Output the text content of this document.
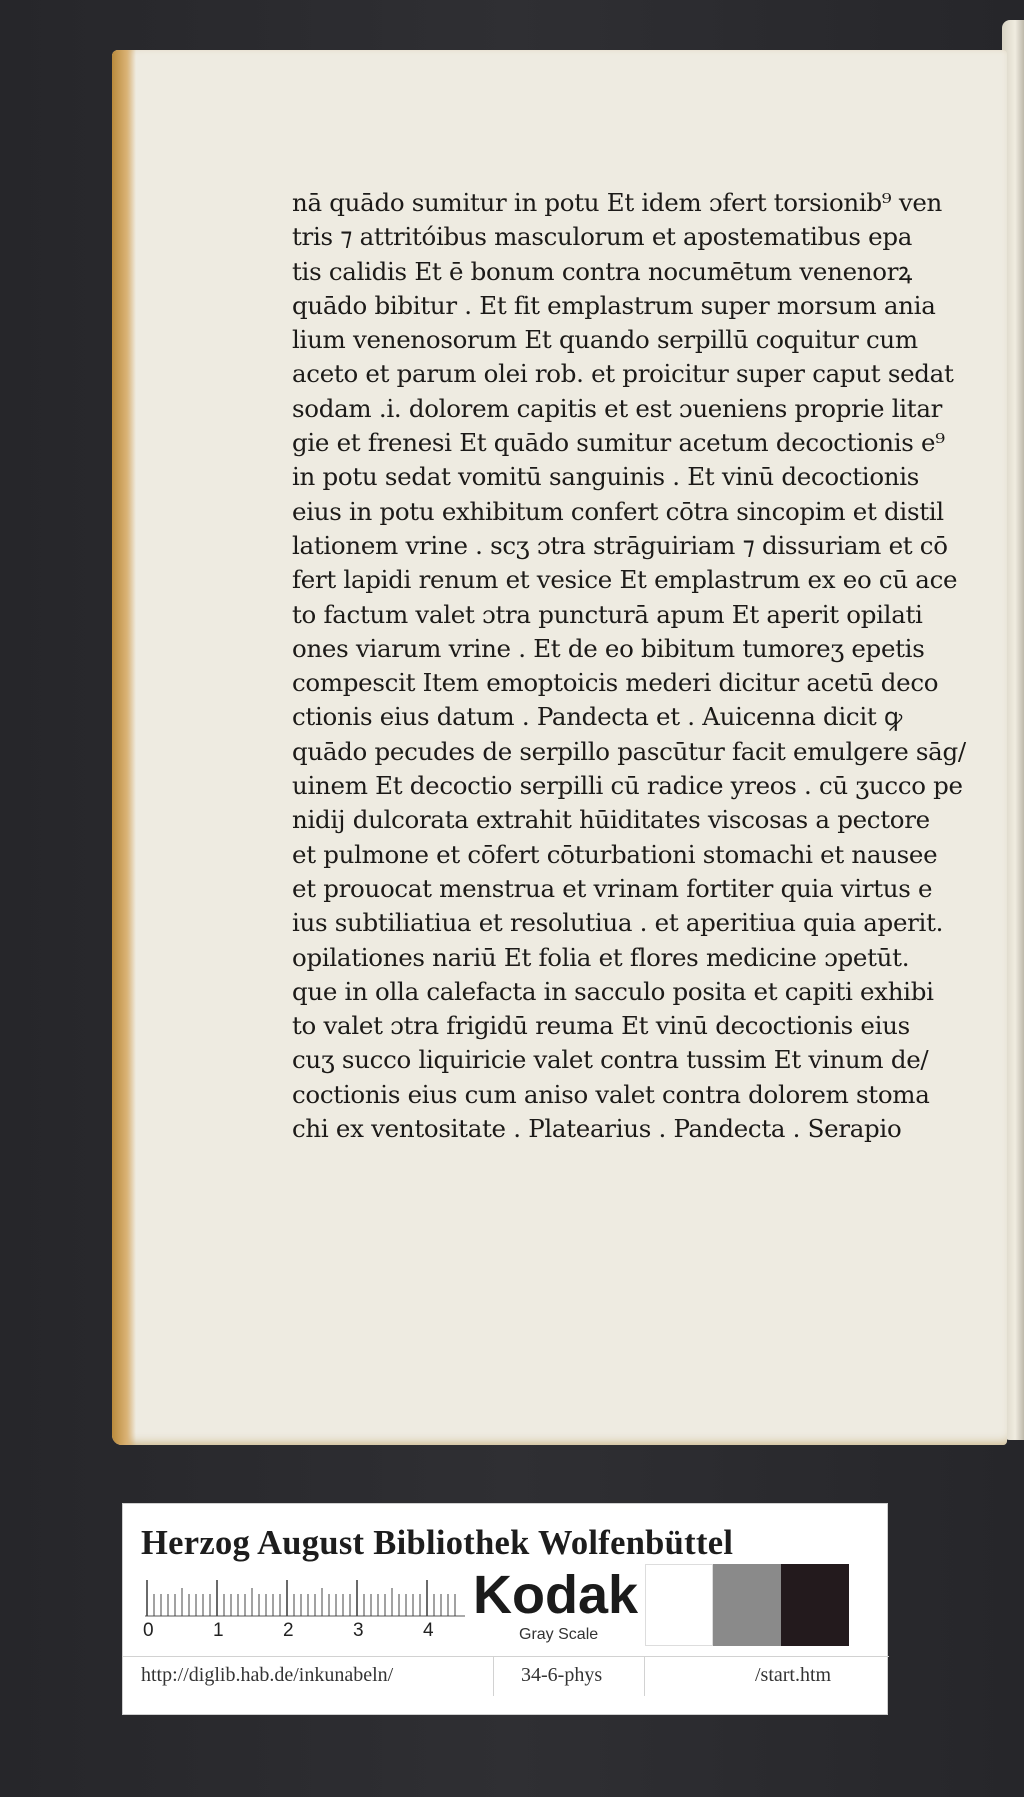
nā quādo sumitur in potu Et idem ɔfert torsionib⁹ ven
tris ⁊ attritóibus masculorum et apostematibus epa
tis calidis Et ē bonum contra nocumētum venenorꝝ
quādo bibitur . Et fit emplastrum super morsum ania
lium venenosorum Et quando serpillū coquitur cum
aceto et parum olei rob. et proicitur super caput sedat
sodam .i. dolorem capitis et est ɔueniens proprie litar
gie et frenesi Et quādo sumitur acetum decoctionis e⁹
in potu sedat vomitū sanguinis . Et vinū decoctionis
eius in potu exhibitum confert cōtra sincopim et distil
lationem vrine . scʒ ɔtra strāguiriam ⁊ dissuriam et cō
fert lapidi renum et vesice Et emplastrum ex eo cū ace
to factum valet ɔtra puncturā apum Et aperit opilati
ones viarum vrine . Et de eo bibitum tumoreʒ epetis
compescit Item emoptoicis mederi dicitur acetū deco
ctionis eius datum . Pandecta et . Auicenna dicit ꝙ
quādo pecudes de serpillo pascūtur facit emulgere sāg/
uinem Et decoctio serpilli cū radice yreos . cū ʒucco pe
nidij dulcorata extrahit hūiditates viscosas a pectore
et pulmone et cōfert cōturbationi stomachi et nausee
et prouocat menstrua et vrinam fortiter quia virtus e
ius subtiliatiua et resolutiua . et aperitiua quia aperit.
opilationes nariū Et folia et flores medicine ɔpetūt.
que in olla calefacta in sacculo posita et capiti exhibi
to valet ɔtra frigidū reuma Et vinū decoctionis eius
cuʒ succo liquiricie valet contra tussim Et vinum de/
coctionis eius cum aniso valet contra dolorem stoma
chi ex ventositate . Platearius . Pandecta . Serapio
Herzog August Bibliothek Wolfenbüttel
0	1	2	3	4
Kodak
Gray Scale
http://diglib.hab.de/inkunabeln/	34-6-phys	/start.htm
